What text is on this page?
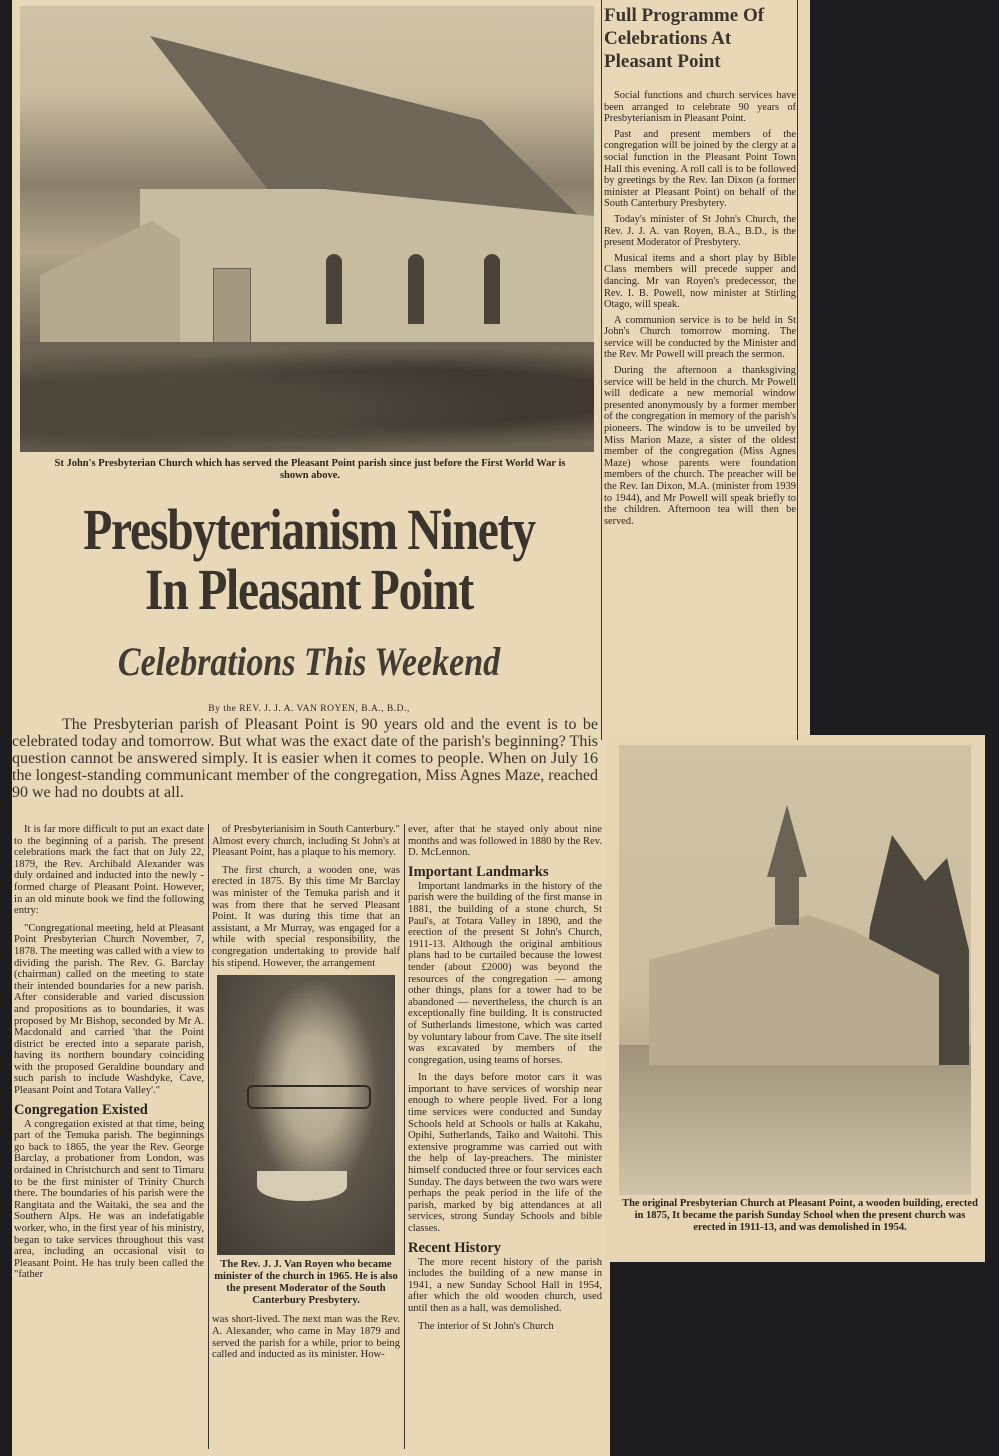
St John's Presbyterian Church which has served the Pleasant Point parish since just before the First World War is shown above.
Presbyterianism Ninety
In Pleasant Point
Celebrations This Weekend
By the REV. J. J. A. VAN ROYEN, B.A., B.D.,
The Presbyterian parish of Pleasant Point is 90 years old and the event is to be celebrated today and tomorrow. But what was the exact date of the parish's beginning? This question cannot be answered simply. It is easier when it comes to people. When on July 16 the longest-standing communicant member of the congregation, Miss Agnes Maze, reached 90 we had no doubts at all.

It is far more difficult to put an exact date to the beginning of a parish. The present celebrations mark the fact that on July 22, 1879, the Rev. Archibald Alexander was duly ordained and inducted into the newly - formed charge of Pleasant Point. However, in an old minute book we find the following entry:

"Congregational meeting, held at Pleasant Point Presbyterian Church November, 7, 1878. The meeting was called with a view to dividing the parish. The Rev. G. Barclay (chairman) called on the meeting to state their intended boundaries for a new parish. After considerable and varied discussion and propositions as to boundaries, it was proposed by Mr Bishop, seconded by Mr A. Macdonald and carried 'that the Point district be erected into a separate parish, having its northern boundary coinciding with the proposed Geraldine boundary and such parish to include Washdyke, Cave, Pleasant Point and Totara Valley'."

Congregation Existed

A congregation existed at that time, being part of the Temuka parish. The beginnings go back to 1865, the year the Rev. George Barclay, a probationer from London, was ordained in Christchurch and sent to Timaru to be the first minister of Trinity Church there. The boundaries of his parish were the Rangitata and the Waitaki, the sea and the Southern Alps. He was an indefatigable worker, who, in the first year of his ministry, began to take services throughout this vast area, including an occasional visit to Pleasant Point. He has truly been called the "father

of Presbyterianisim in South Canterbury." Almost every church, including St John's at Pleasant Point, has a plaque to his memory.

The first church, a wooden one, was erected in 1875. By this time Mr Barclay was minister of the Temuka parish and it was from there that he served Pleasant Point. It was during this time that an assistant, a Mr Murray, was engaged for a while with special responsibility, the congregation undertaking to provide half his stipend. However, the arrangement

The Rev. J. J. Van Royen who became minister of the church in 1965. He is also the present Moderator of the South Canterbury Presbytery.

was short-lived. The next man was the Rev. A. Alexander, who came in May 1879 and served the parish for a while, prior to being called and inducted as its minister. How-

ever, after that he stayed only about nine months and was followed in 1880 by the Rev. D. McLennon.

Important Landmarks

Important landmarks in the history of the parish were the building of the first manse in 1881, the building of a stone church, St Paul's, at Totara Valley in 1890, and the erection of the present St John's Church, 1911-13. Although the original ambitious plans had to be curtailed because the lowest tender (about £2000) was beyond the resources of the congregation — among other things, plans for a tower had to be abandoned — nevertheless, the church is an exceptionally fine building. It is constructed of Sutherlands limestone, which was carted by voluntary labour from Cave. The site itself was excavated by members of the congregation, using teams of horses.

In the days before motor cars it was important to have services of worship near enough to where people lived. For a long time services were conducted and Sunday Schools held at Schools or halls at Kakahu, Opihi, Sutherlands, Taiko and Waitohi. This extensive programme was carried out with the help of lay-preachers. The minister himself conducted three or four services each Sunday. The days between the two wars were perhaps the peak period in the life of the parish, marked by big attendances at all services, strong Sunday Schools and bible classes.

Recent History

The more recent history of the parish includes the building of a new manse in 1941, a new Sunday School Hall in 1954, after which the old wooden church, used until then as a hall, was demolished.

The interior of St John's Church

Full Programme Of Celebrations At Pleasant Point

Social functions and church services have been arranged to celebrate 90 years of Presbyterianism in Pleasant Point.

Past and present members of the congregation will be joined by the clergy at a social function in the Pleasant Point Town Hall this evening. A roll call is to be followed by greetings by the Rev. Ian Dixon (a former minister at Pleasant Point) on behalf of the South Canterbury Presbytery.

Today's minister of St John's Church, the Rev. J. J. A. van Royen, B.A., B.D., is the present Moderator of Presbytery.

Musical items and a short play by Bible Class members will precede supper and dancing. Mr van Royen's predecessor, the Rev. I. B. Powell, now minister at Stirling Otago, will speak.

A communion service is to be held in St John's Church tomorrow morning. The service will be conducted by the Minister and the Rev. Mr Powell will preach the sermon.

During the afternoon a thanksgiving service will be held in the church. Mr Powell will dedicate a new memorial window presented anonymously by a former member of the congregation in memory of the parish's pioneers. The window is to be unveiled by Miss Marion Maze, a sister of the oldest member of the congregation (Miss Agnes Maze) whose parents were foundation members of the church. The preacher will be the Rev. Ian Dixon, M.A. (minister from 1939 to 1944), and Mr Powell will speak briefly to the children. Afternoon tea will then be served.

The original Presbyterian Church at Pleasant Point, a wooden building, erected in 1875, It became the parish Sunday School when the present church was erected in 1911-13, and was demolished in 1954.
